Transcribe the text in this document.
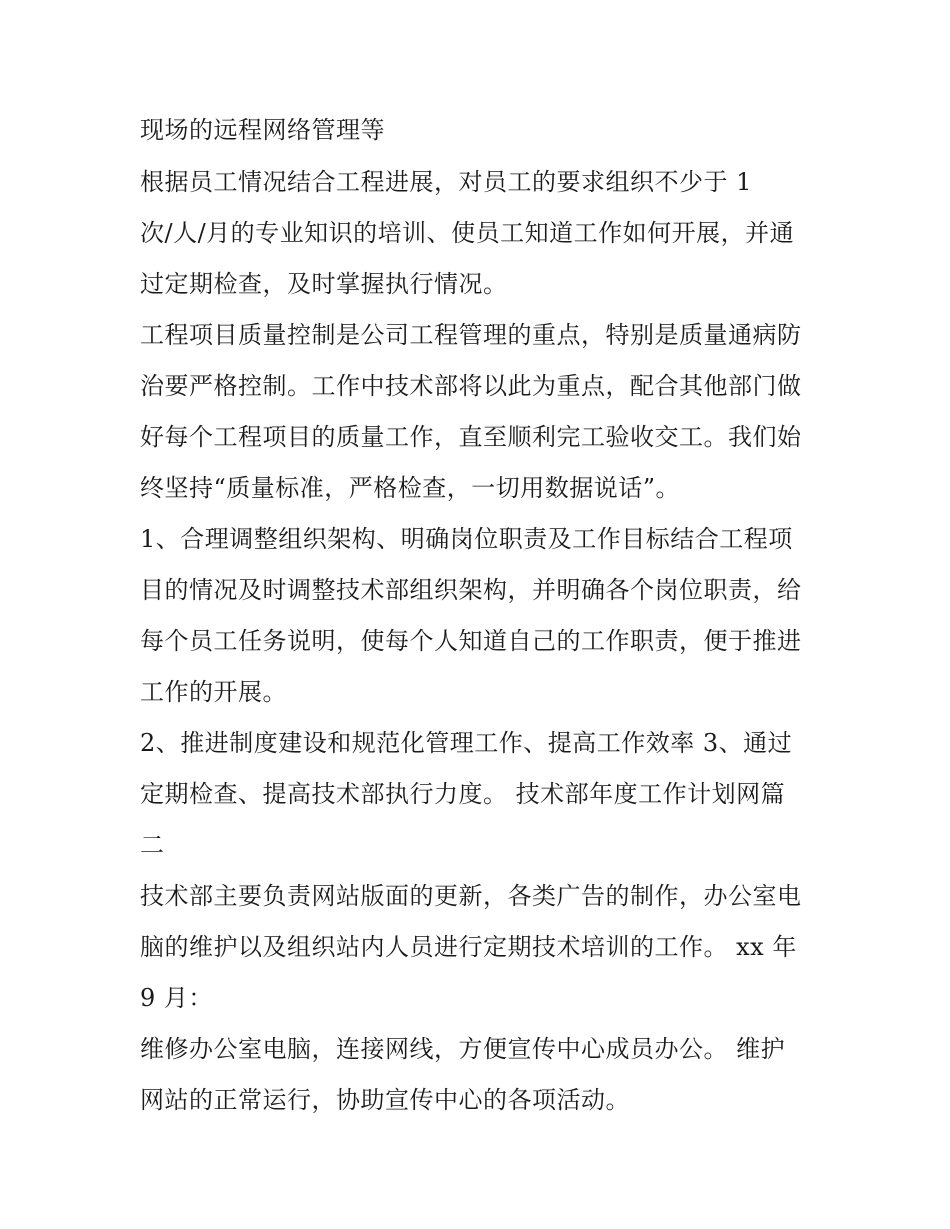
现场的远程网络管理等
根据员工情况结合工程进展，对员工的要求组织不少于 1
次/人/月的专业知识的培训、使员工知道工作如何开展，并通
过定期检查，及时掌握执行情况。
工程项目质量控制是公司工程管理的重点，特别是质量通病防
治要严格控制。工作中技术部将以此为重点，配合其他部门做
好每个工程项目的质量工作，直至顺利完工验收交工。我们始
终坚持“质量标准，严格检查，一切用数据说话”。
1、合理调整组织架构、明确岗位职责及工作目标结合工程项
目的情况及时调整技术部组织架构，并明确各个岗位职责，给
每个员工任务说明，使每个人知道自己的工作职责，便于推进
工作的开展。
2、推进制度建设和规范化管理工作、提高工作效率 3、通过
定期检查、提高技术部执行力度。 技术部年度工作计划网篇
二
技术部主要负责网站版面的更新，各类广告的制作，办公室电
脑的维护以及组织站内人员进行定期技术培训的工作。 xx 年
9 月：
维修办公室电脑，连接网线，方便宣传中心成员办公。 维护
网站的正常运行，协助宣传中心的各项活动。
